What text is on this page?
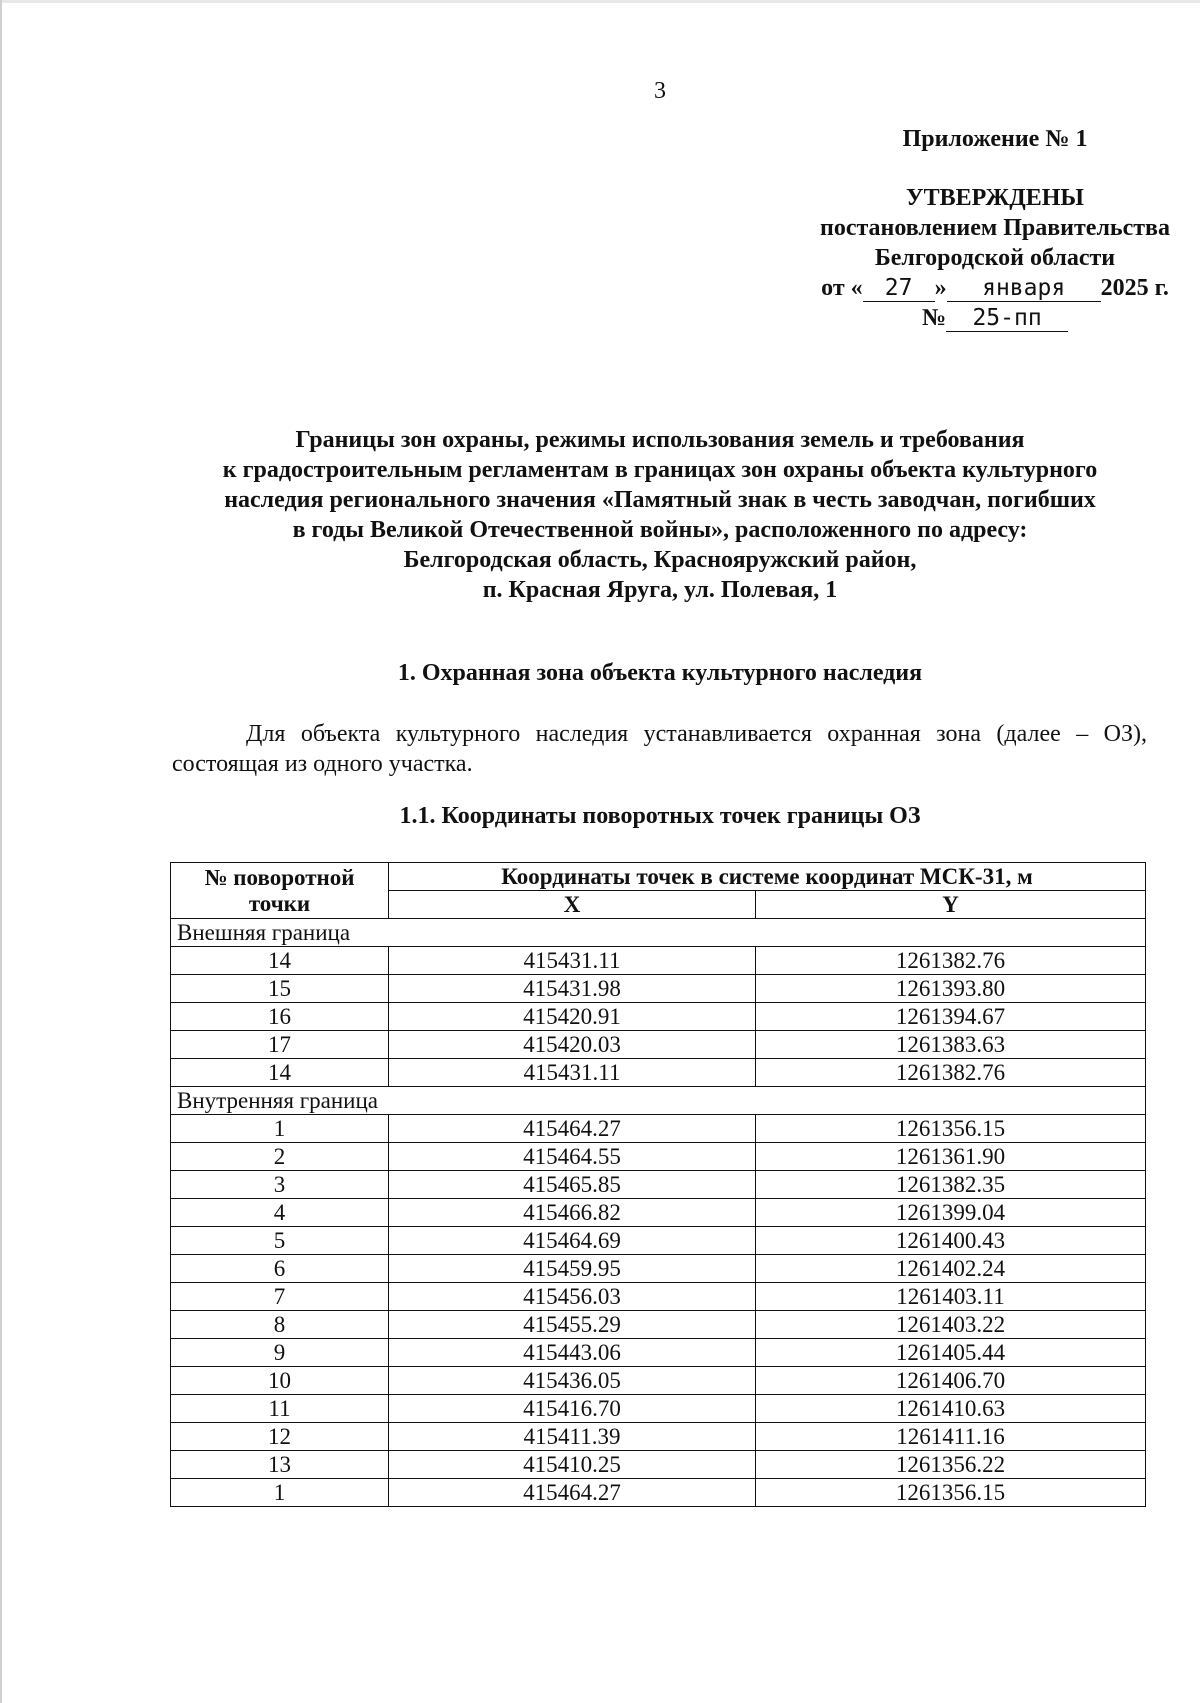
3
Приложение № 1
УТВЕРЖДЕНЫ
постановлением Правительства
Белгородской области
от « 27 » января 2025 г.
№ 25-пп
Границы зон охраны, режимы использования земель и требования
к градостроительным регламентам в границах зон охраны объекта культурного
наследия регионального значения «Памятный знак в честь заводчан, погибших
в годы Великой Отечественной войны», расположенного по адресу:
Белгородская область, Краснояружский район,
п. Красная Яруга, ул. Полевая, 1
1. Охранная зона объекта культурного наследия
Для объекта культурного наследия устанавливается охранная зона (далее – ОЗ), состоящая из одного участка.
1.1. Координаты поворотных точек границы ОЗ
№ поворотной точки	Координаты точек в системе координат МСК-31, м	
	X	Y
Внешняя граница		
14	415431.11	1261382.76
15	415431.98	1261393.80
16	415420.91	1261394.67
17	415420.03	1261383.63
14	415431.11	1261382.76
Внутренняя граница		
1	415464.27	1261356.15
2	415464.55	1261361.90
3	415465.85	1261382.35
4	415466.82	1261399.04
5	415464.69	1261400.43
6	415459.95	1261402.24
7	415456.03	1261403.11
8	415455.29	1261403.22
9	415443.06	1261405.44
10	415436.05	1261406.70
11	415416.70	1261410.63
12	415411.39	1261411.16
13	415410.25	1261356.22
1	415464.27	1261356.15
